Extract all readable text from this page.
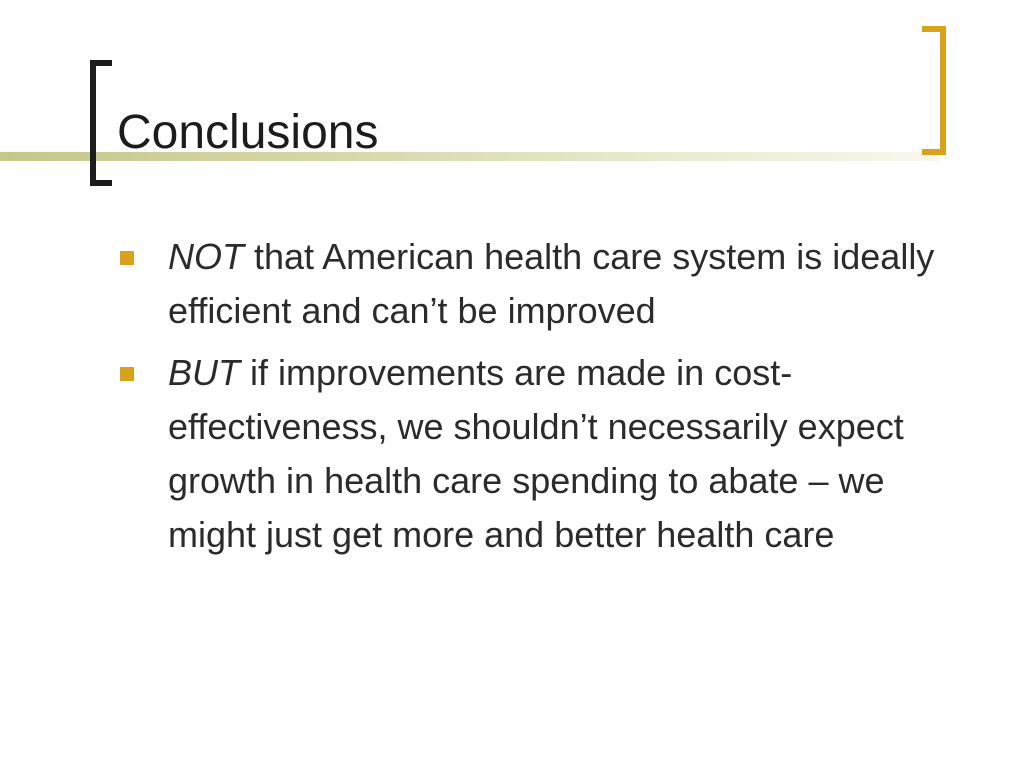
Conclusions
NOT that American health care system is ideally efficient and can’t be improved
BUT if improvements are made in cost-effectiveness, we shouldn’t necessarily expect growth in health care spending to abate – we might just get more and better health care
